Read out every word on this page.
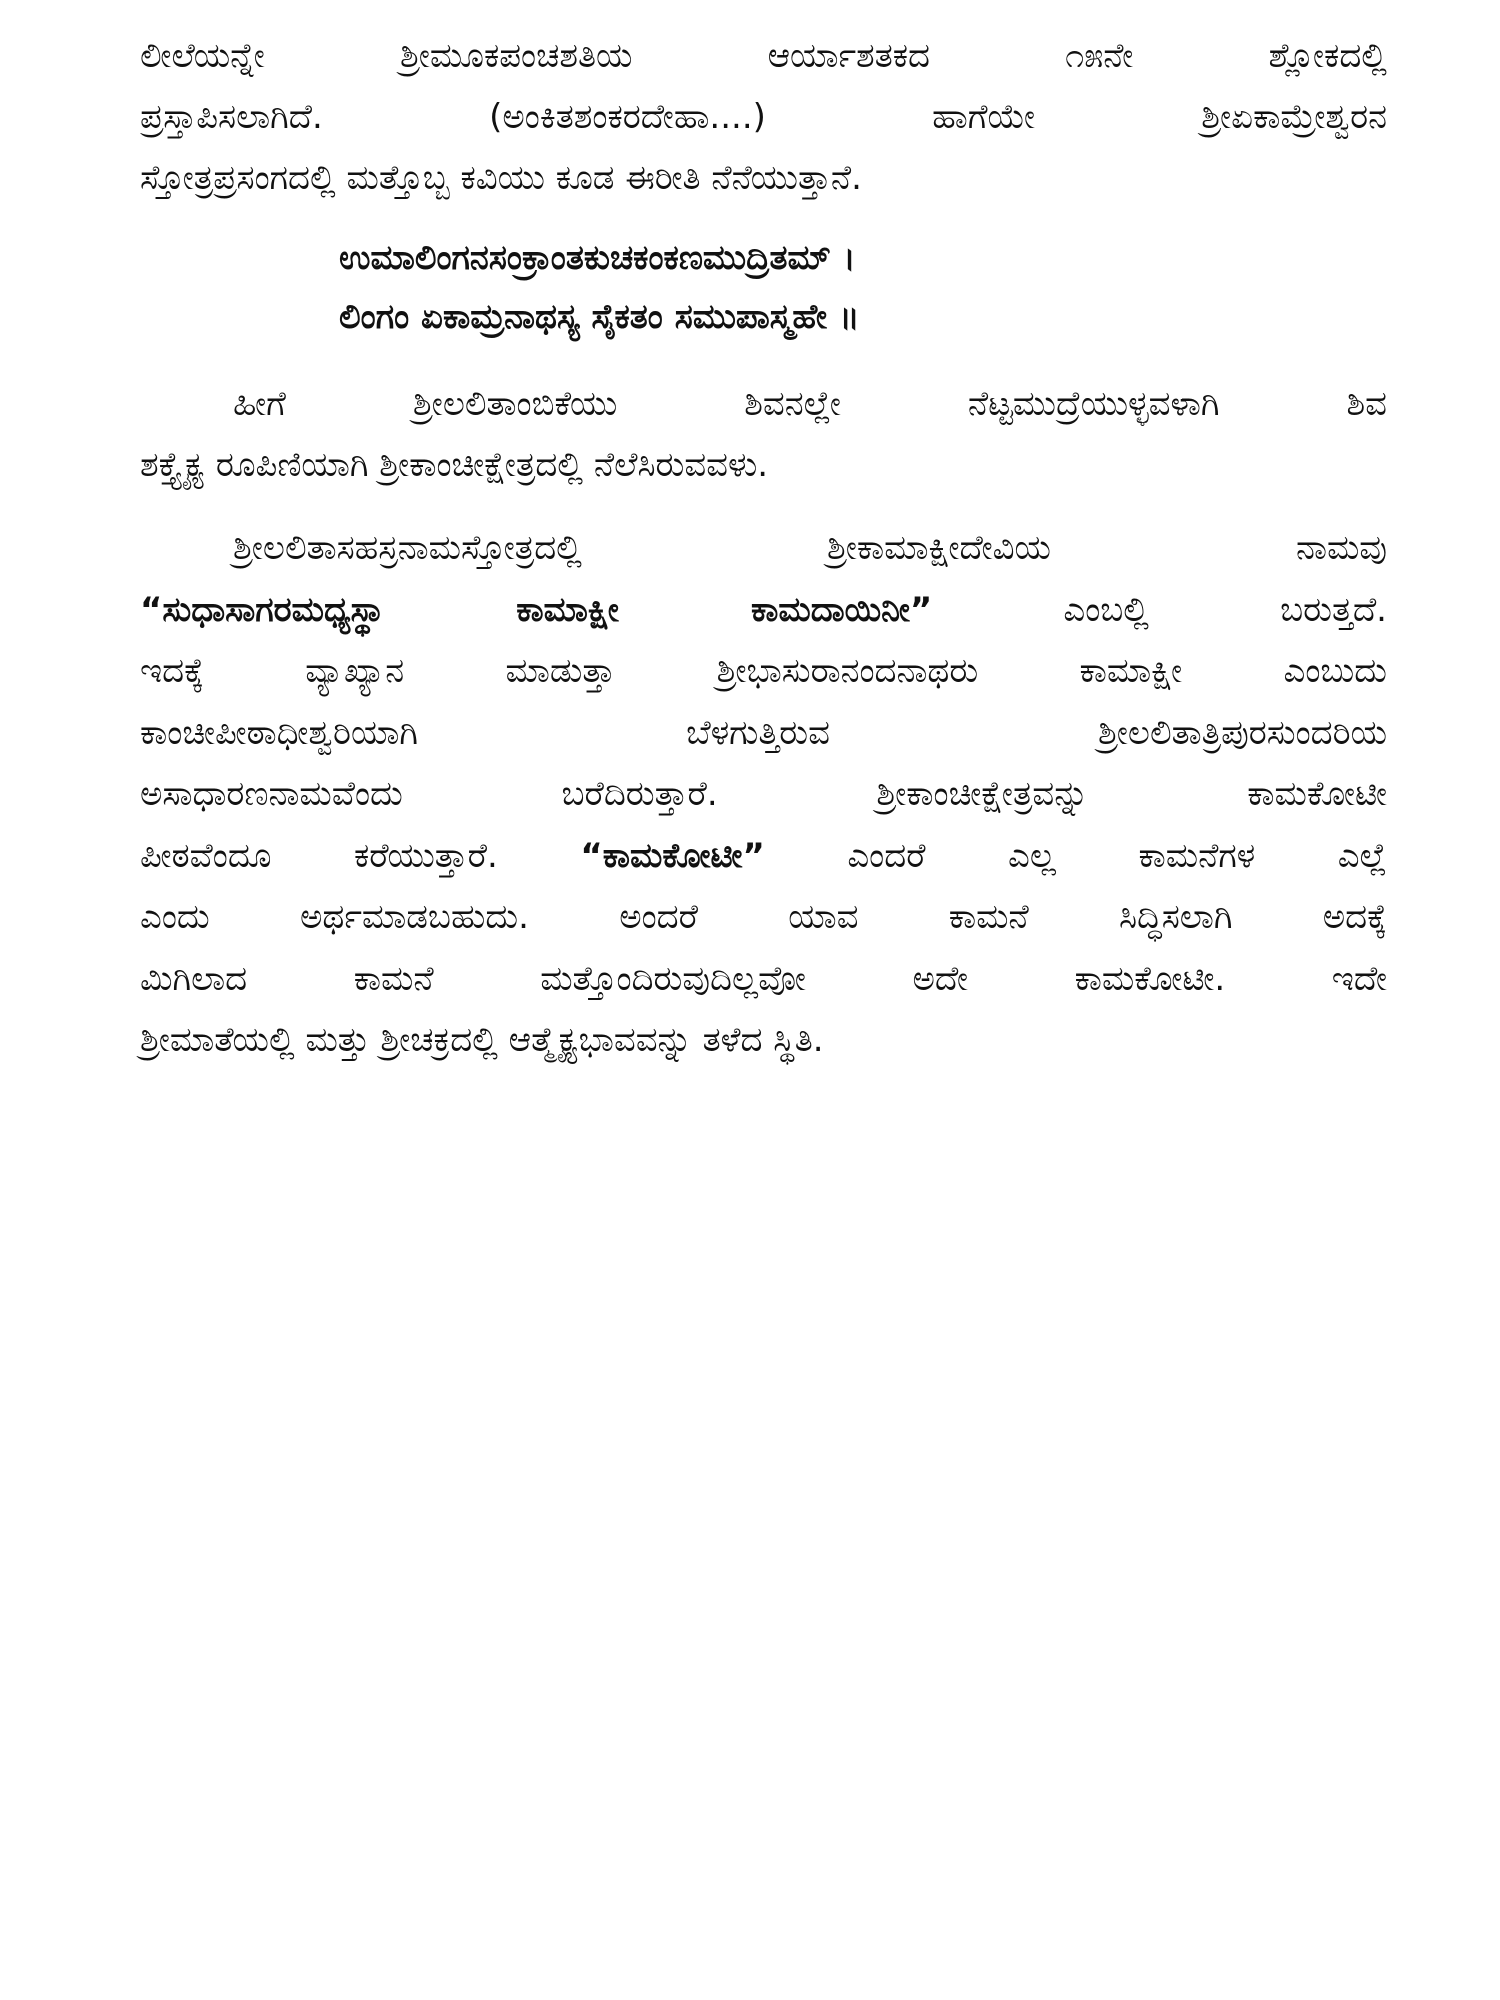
ಲೀಲೆಯನ್ನೇ ಶ್ರೀಮೂಕಪಂಚಶತಿಯ ಆರ್ಯಾಶತಕದ ೧೫ನೇ ಶ್ಲೋಕದಲ್ಲಿ
ಪ್ರಸ್ತಾಪಿಸಲಾಗಿದೆ. (ಅಂಕಿತಶಂಕರದೇಹಾ....) ಹಾಗೆಯೇ ಶ್ರೀಏಕಾಮ್ರೇಶ್ವರನ
ಸ್ತೋತ್ರಪ್ರಸಂಗದಲ್ಲಿ ಮತ್ತೊಬ್ಬ ಕವಿಯು ಕೂಡ ಈರೀತಿ ನೆನೆಯುತ್ತಾನೆ.
ಉಮಾಲಿಂಗನಸಂಕ್ರಾಂತಕುಚಕಂಕಣಮುದ್ರಿತಮ್ ।
ಲಿಂಗಂ ಏಕಾಮ್ರನಾಥಸ್ಯ ಸೈಕತಂ ಸಮುಪಾಸ್ಮಹೇ ॥
ಹೀಗೆ ಶ್ರೀಲಲಿತಾಂಬಿಕೆಯು ಶಿವನಲ್ಲೇ ನೆಟ್ಟಮುದ್ರೆಯುಳ್ಳವಳಾಗಿ ಶಿವ
ಶಕ್ತ್ಯೈಕ್ಯ ರೂಪಿಣಿಯಾಗಿ ಶ್ರೀಕಾಂಚೀಕ್ಷೇತ್ರದಲ್ಲಿ ನೆಲೆಸಿರುವವಳು.
ಶ್ರೀಲಲಿತಾಸಹಸ್ರನಾಮಸ್ತೋತ್ರದಲ್ಲಿ ಶ್ರೀಕಾಮಾಕ್ಷೀದೇವಿಯ ನಾಮವು
“ಸುಧಾಸಾಗರಮಧ್ಯಸ್ಥಾ ಕಾಮಾಕ್ಷೀ ಕಾಮದಾಯಿನೀ” ಎಂಬಲ್ಲಿ ಬರುತ್ತದೆ.
ಇದಕ್ಕೆ ವ್ಯಾಖ್ಯಾನ ಮಾಡುತ್ತಾ ಶ್ರೀಭಾಸುರಾನಂದನಾಥರು ಕಾಮಾಕ್ಷೀ ಎಂಬುದು
ಕಾಂಚೀಪೀಠಾಧೀಶ್ವರಿಯಾಗಿ ಬೆಳಗುತ್ತಿರುವ ಶ್ರೀಲಲಿತಾತ್ರಿಪುರಸುಂದರಿಯ
ಅಸಾಧಾರಣನಾಮವೆಂದು ಬರೆದಿರುತ್ತಾರೆ. ಶ್ರೀಕಾಂಚೀಕ್ಷೇತ್ರವನ್ನು ಕಾಮಕೋಟೀ
ಪೀಠವೆಂದೂ ಕರೆಯುತ್ತಾರೆ. “ಕಾಮಕೋಟೀ” ಎಂದರೆ ಎಲ್ಲ ಕಾಮನೆಗಳ ಎಲ್ಲೆ
ಎಂದು ಅರ್ಥಮಾಡಬಹುದು. ಅಂದರೆ ಯಾವ ಕಾಮನೆ ಸಿದ್ಧಿಸಲಾಗಿ ಅದಕ್ಕೆ
ಮಿಗಿಲಾದ ಕಾಮನೆ ಮತ್ತೊಂದಿರುವುದಿಲ್ಲವೋ ಅದೇ ಕಾಮಕೋಟೀ. ಇದೇ
ಶ್ರೀಮಾತೆಯಲ್ಲಿ ಮತ್ತು ಶ್ರೀಚಕ್ರದಲ್ಲಿ ಆತ್ಮೈಕ್ಯಭಾವವನ್ನು ತಳೆದ ಸ್ಥಿತಿ.
